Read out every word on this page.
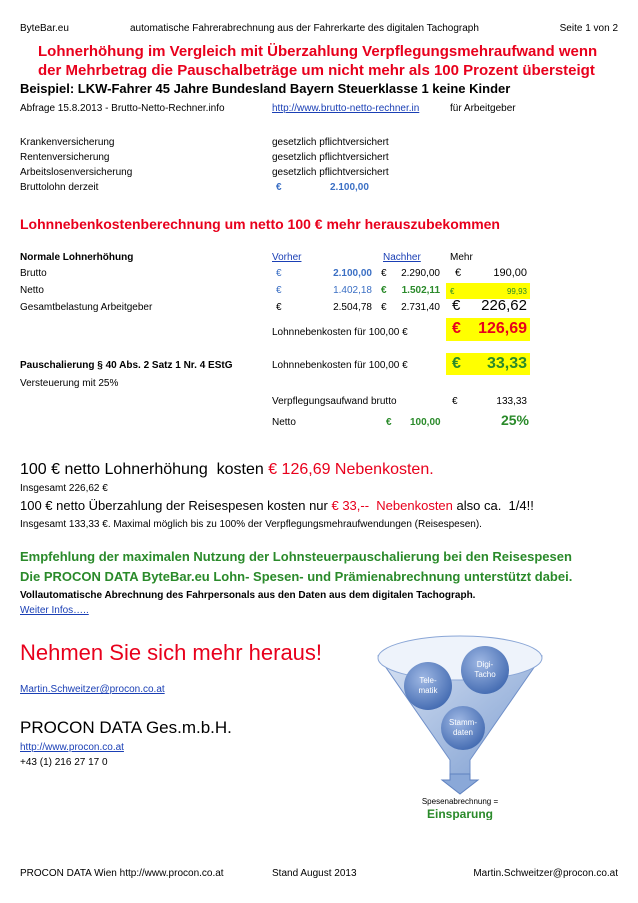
ByteBar.eu	automatische Fahrerabrechnung aus der Fahrerkarte des digitalen Tachograph	Seite 1 von 2
Lohnerhöhung im Vergleich mit Überzahlung Verpflegungsmehraufwand wenn
der Mehrbetrag die Pauschalbeträge um nicht mehr als 100 Prozent übersteigt
Beispiel: LKW-Fahrer 45 Jahre Bundesland Bayern Steuerklasse 1 keine Kinder
Abfrage 15.8.2013 - Brutto-Netto-Rechner.info	http://www.brutto-netto-rechner.in	für Arbeitgeber
Krankenversicherung	gesetzlich pflichtversichert
Rentenversicherung	gesetzlich pflichtversichert
Arbeitslosenversicherung	gesetzlich pflichtversichert
Bruttolohn derzeit	€	2.100,00
Lohnnebenkostenberechnung um netto 100 € mehr herauszubekommen
Normale Lohnerhöhung	Vorher	Nachher	Mehr
Brutto	€	2.100,00 €	2.290,00 €	190,00
Netto	€	1.402,18 €	1.502,11 €	99,93
Gesamtbelastung Arbeitgeber	€	2.504,78 €	2.731,40 €	226,62
Lohnnebenkosten für 100,00 €	€	126,69
Pauschalierung § 40 Abs. 2 Satz 1 Nr. 4 EStG	Lohnnebenkosten für 100,00 €	€	33,33
Versteuerung mit 25%
Verpflegungsaufwand brutto	€	133,33
Netto	€ 100,00	25%
100 € netto Lohnerhöhung  kosten € 126,69 Nebenkosten.
Insgesamt 226,62 €
100 € netto Überzahlung der Reisespesen kosten nur € 33,--  Nebenkosten also ca.  1/4!!
Insgesamt 133,33 €. Maximal möglich bis zu 100% der Verpflegungsmehraufwendungen (Reisespesen).
Empfehlung der maximalen Nutzung der Lohnsteuerpauschalierung bei den Reisespesen
Die PROCON DATA ByteBar.eu Lohn- Spesen- und Prämienabrechnung unterstützt dabei.
Vollautomatische Abrechnung des Fahrpersonals aus den Daten aus dem digitalen Tachograph.
Weiter Infos…..
Nehmen Sie sich mehr heraus!
Martin.Schweitzer@procon.co.at
PROCON DATA Ges.m.b.H.
http://www.procon.co.at
+43 (1) 216 27 17 0
Tele-
matik
Digi-
Tacho
Stamm-
daten
Spesenabrechnung =
Einsparung
PROCON DATA Wien http://www.procon.co.at	Stand August 2013	Martin.Schweitzer@procon.co.at
